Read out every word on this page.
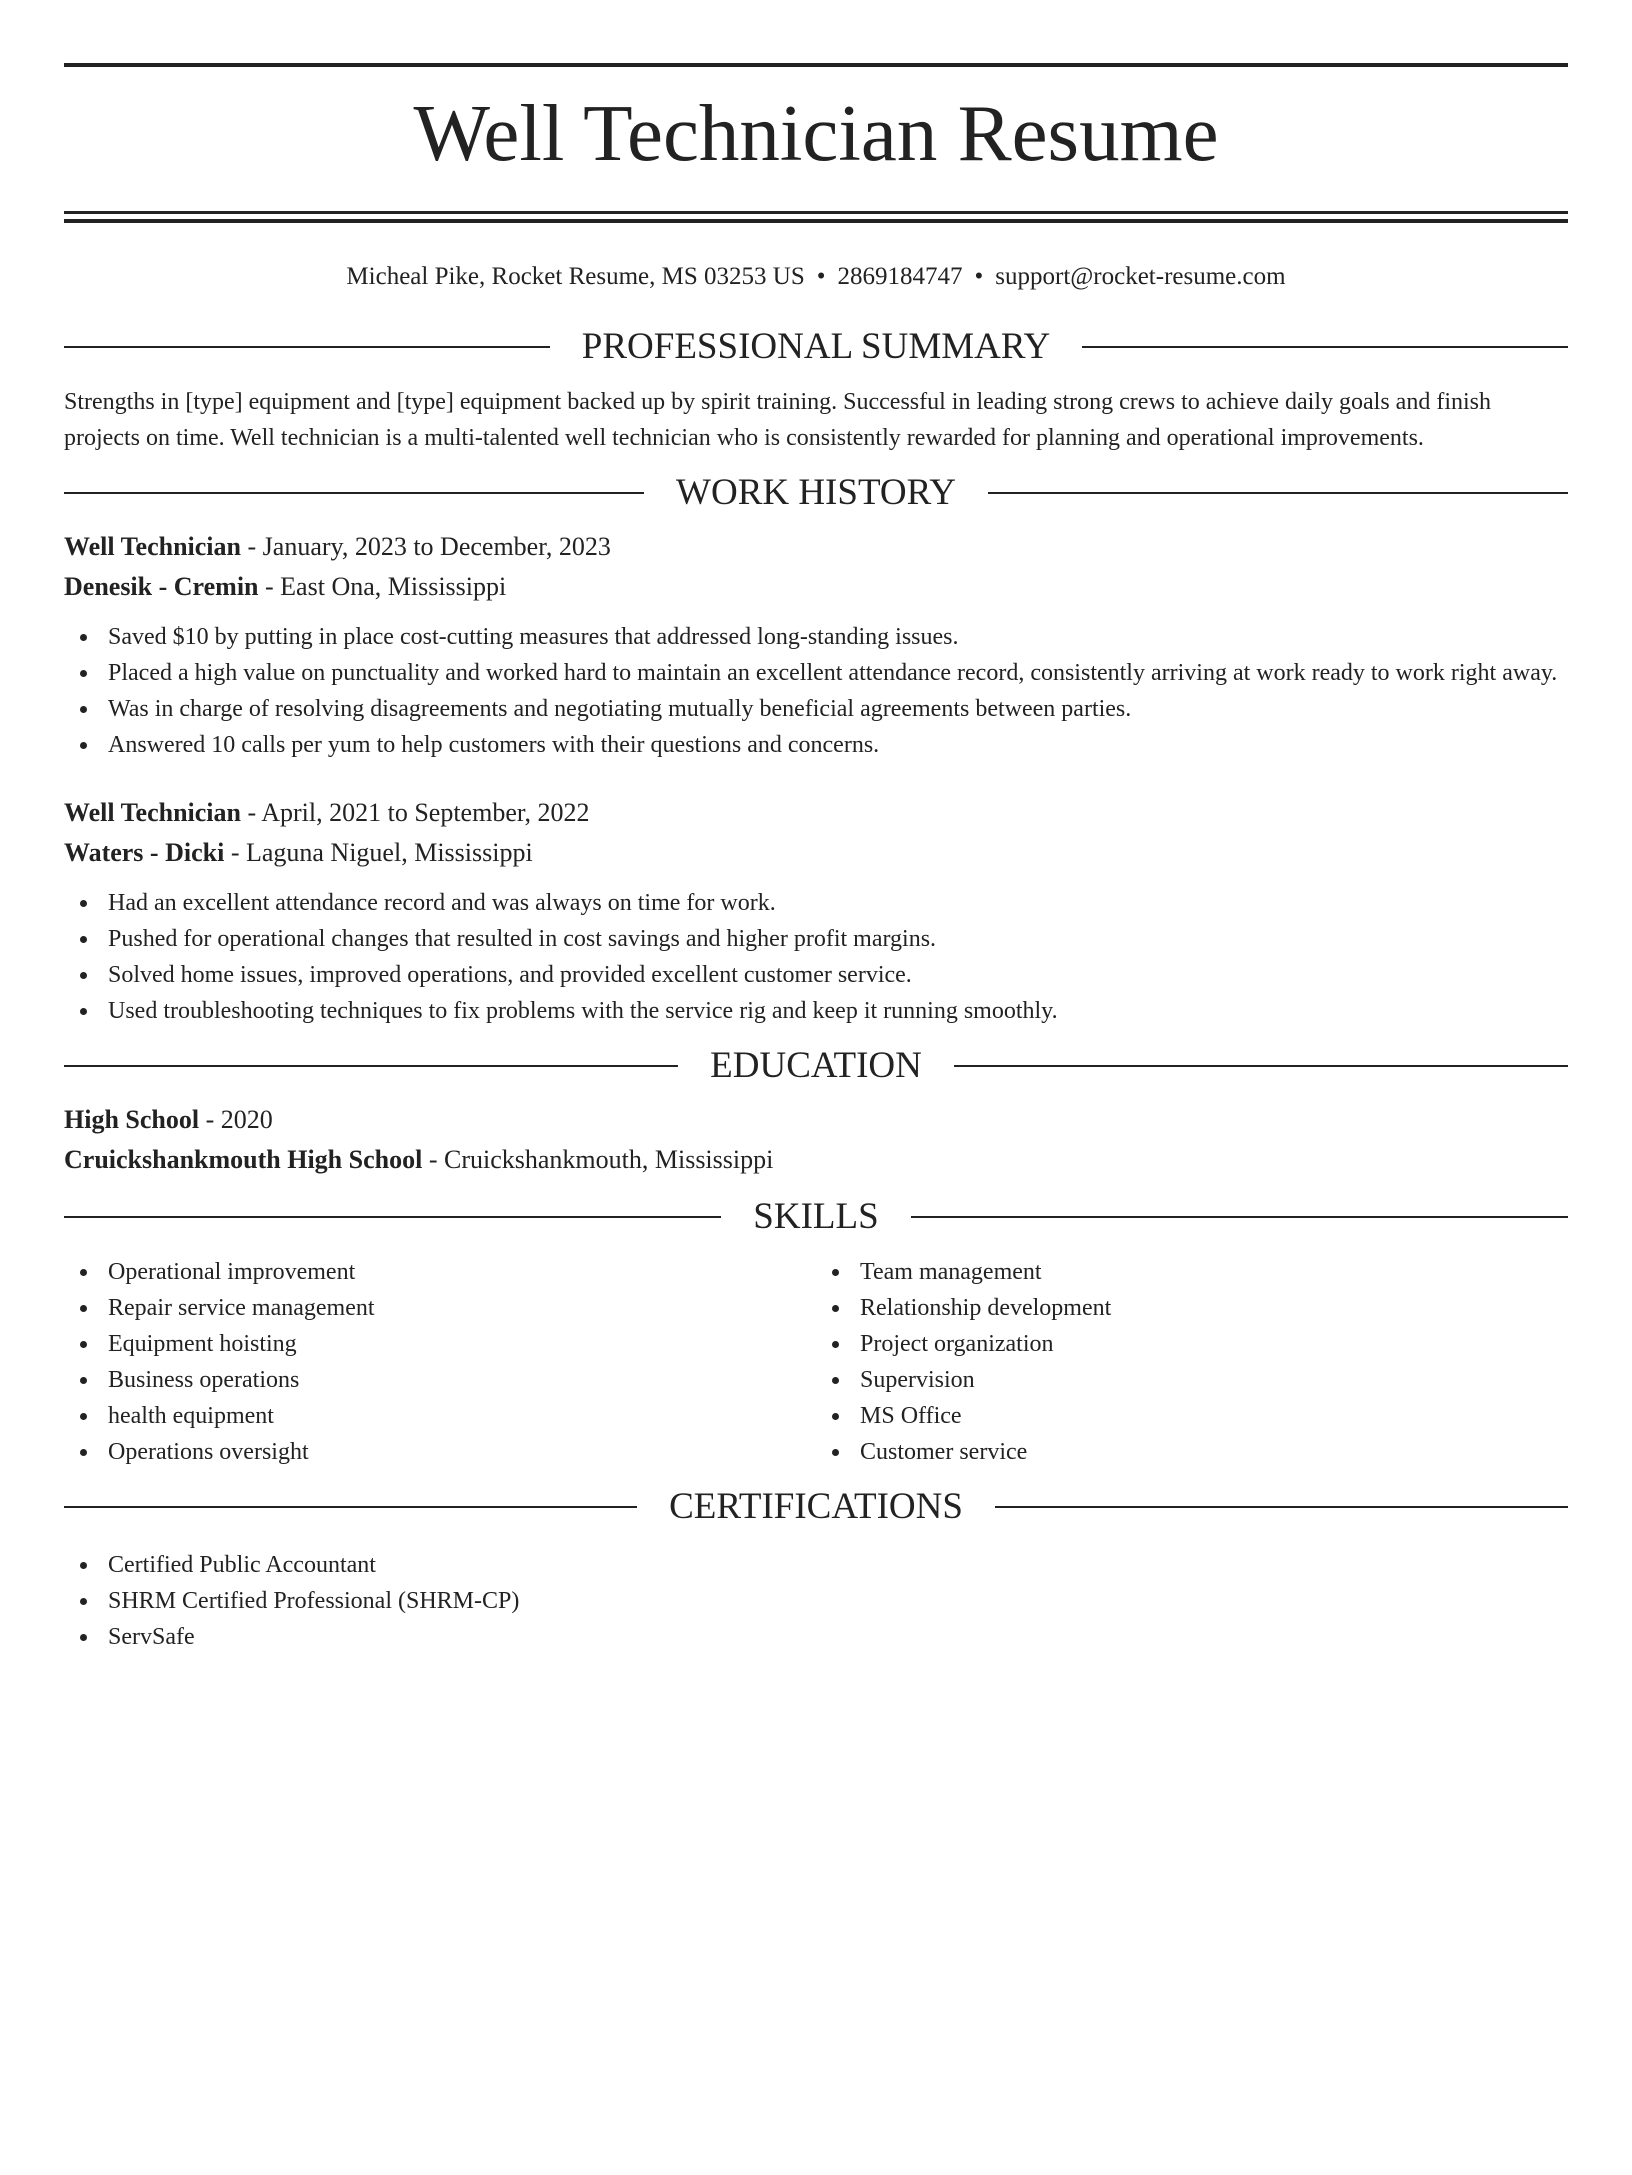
Well Technician Resume
Micheal Pike, Rocket Resume, MS 03253 US • 2869184747 • support@rocket-resume.com
PROFESSIONAL SUMMARY

Strengths in [type] equipment and [type] equipment backed up by spirit training. Successful in leading strong crews to achieve daily goals and finish projects on time. Well technician is a multi-talented well technician who is consistently rewarded for planning and operational improvements.

WORK HISTORY
Well Technician - January, 2023 to December, 2023
Denesik - Cremin - East Ona, Mississippi
Saved $10 by putting in place cost-cutting measures that addressed long-standing issues.
Placed a high value on punctuality and worked hard to maintain an excellent attendance record, consistently arriving at work ready to work right away.
Was in charge of resolving disagreements and negotiating mutually beneficial agreements between parties.
Answered 10 calls per yum to help customers with their questions and concerns.
Well Technician - April, 2021 to September, 2022
Waters - Dicki - Laguna Niguel, Mississippi
Had an excellent attendance record and was always on time for work.
Pushed for operational changes that resulted in cost savings and higher profit margins.
Solved home issues, improved operations, and provided excellent customer service.
Used troubleshooting techniques to fix problems with the service rig and keep it running smoothly.
EDUCATION
High School - 2020
Cruickshankmouth High School - Cruickshankmouth, Mississippi
SKILLS
Operational improvement
Repair service management
Equipment hoisting
Business operations
health equipment
Operations oversight
Team management
Relationship development
Project organization
Supervision
MS Office
Customer service
CERTIFICATIONS
Certified Public Accountant
SHRM Certified Professional (SHRM-CP)
ServSafe
